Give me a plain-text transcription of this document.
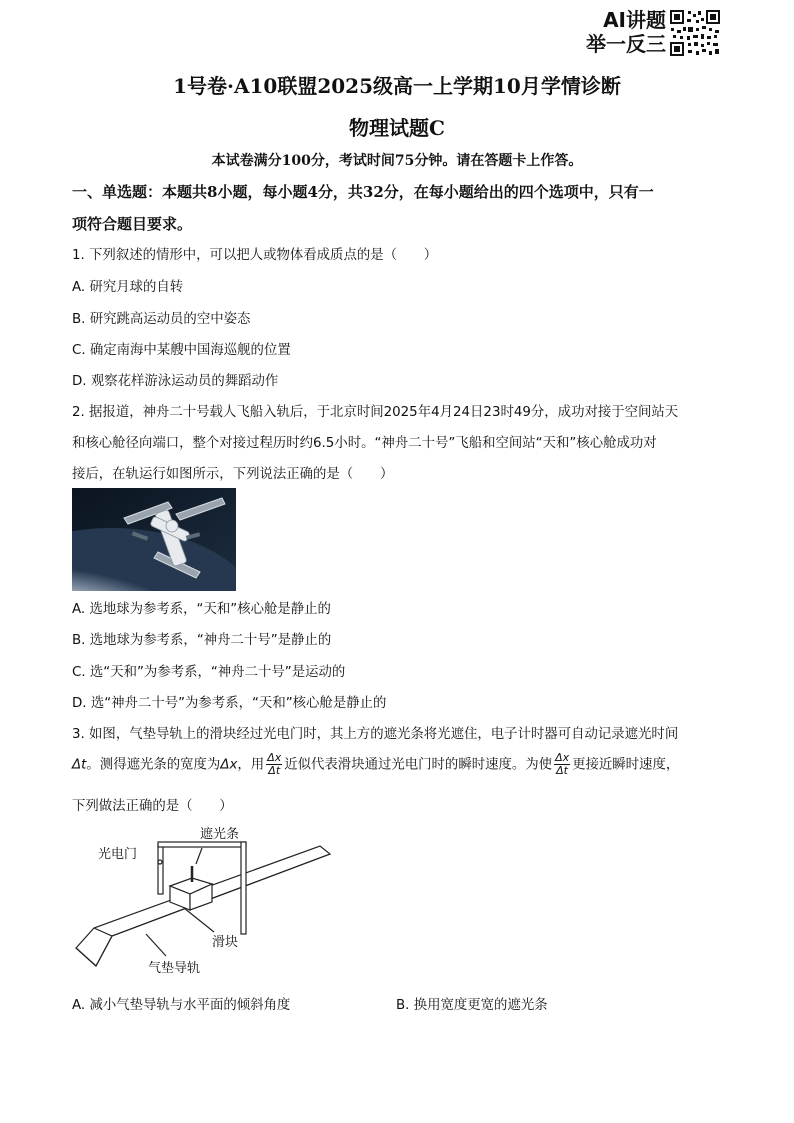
AI讲题
举一反三
1号卷·A10联盟2025级高一上学期10月学情诊断
物理试题C
本试卷满分100分，考试时间75分钟。请在答题卡上作答。
一、单选题：本题共8小题，每小题4分，共32分，在每小题给出的四个选项中，只有一
项符合题目要求。
1. 下列叙述的情形中，可以把人或物体看成质点的是（　　）
A. 研究月球的自转
B. 研究跳高运动员的空中姿态
C. 确定南海中某艘中国海巡舰的位置
D. 观察花样游泳运动员的舞蹈动作
2. 据报道，神舟二十号载人飞船入轨后，于北京时间2025年4月24日23时49分，成功对接于空间站天
和核心舱径向端口，整个对接过程历时约6.5小时。“神舟二十号”飞船和空间站“天和”核心舱成功对
接后，在轨运行如图所示，下列说法正确的是（　　）
A. 选地球为参考系，“天和”核心舱是静止的
B. 选地球为参考系，“神舟二十号”是静止的
C. 选“天和”为参考系，“神舟二十号”是运动的
D. 选“神舟二十号”为参考系，“天和”核心舱是静止的
3. 如图，气垫导轨上的滑块经过光电门时，其上方的遮光条将光遮住，电子计时器可自动记录遮光时间
Δt。测得遮光条的宽度为Δx，用 $\frac{\Delta x}{\Delta t}$ 近似代表滑块通过光电门时的瞬时速度。为使 $\frac{\Delta x}{\Delta t}$ 更接近瞬时速度，
下列做法正确的是（　　）
遮光条
光电门
滑块
气垫导轨
A. 减小气垫导轨与水平面的倾斜角度	B. 换用宽度更宽的遮光条
